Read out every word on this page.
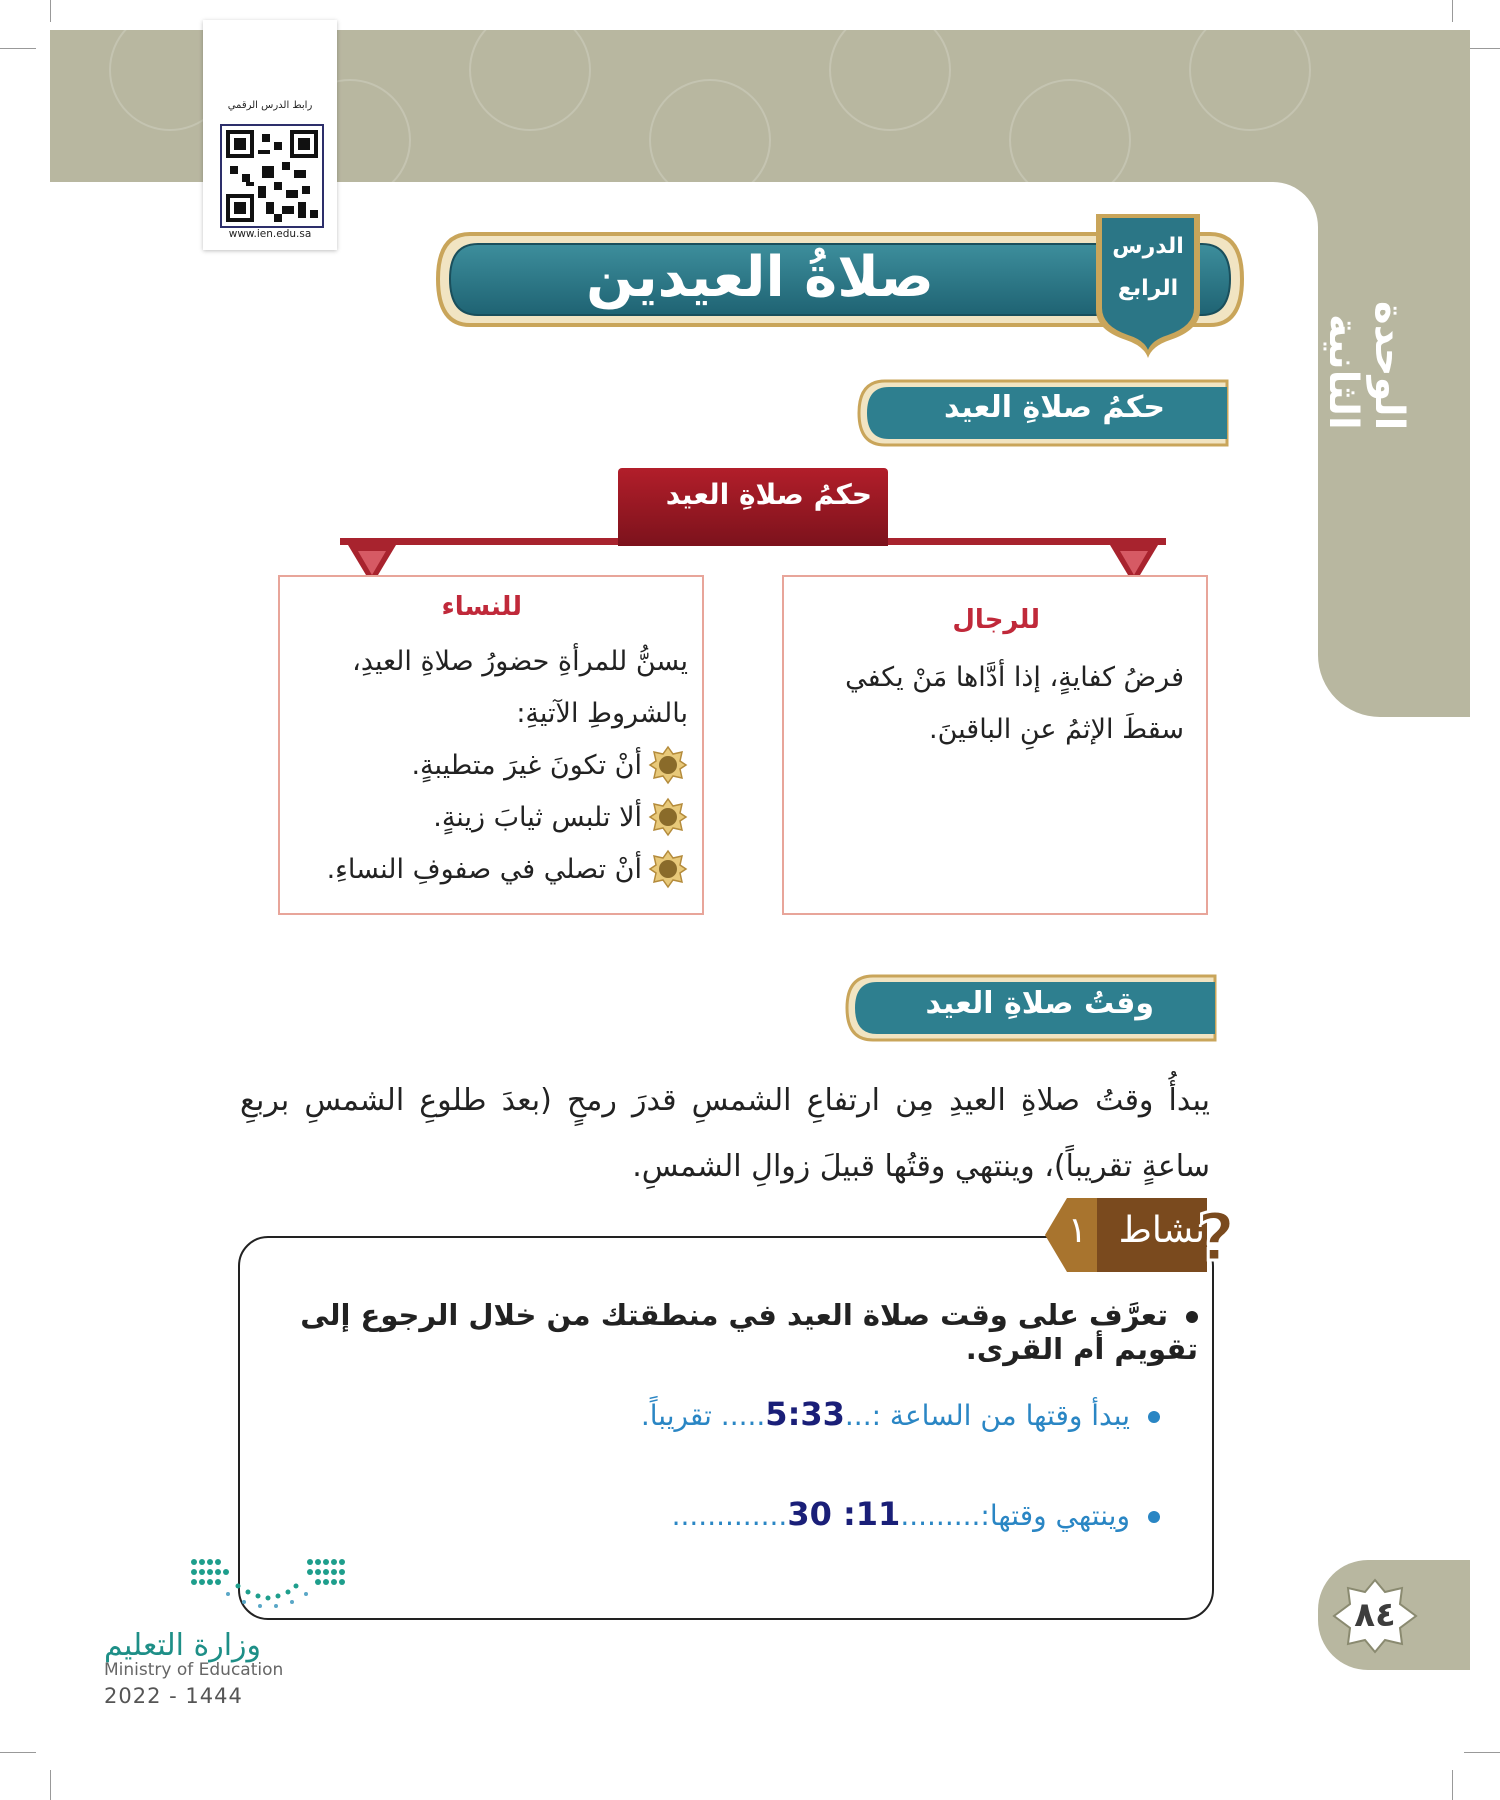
الوحدة الثانية
رابط الدرس الرقمي
www.ien.edu.sa
صلاةُ العيدين	الدرس
الرابع
حكمُ صلاةِ العيد
حكمُ صلاةِ العيد
للنساء
يسنُّ للمرأةِ حضورُ صلاةِ العيدِ، بالشروطِ الآتيةِ:
أنْ تكونَ غيرَ متطيبةٍ.
ألا تلبس ثيابَ زينةٍ.
أنْ تصلي في صفوفِ النساءِ.
للرجال
فرضُ كفايةٍ، إذا أدَّاها مَنْ يكفي سقطَ الإثمُ عنِ الباقينَ.
وقتُ صلاةِ العيد
يبدأُ وقتُ صلاةِ العيدِ مِن ارتفاعِ الشمسِ قدرَ رمحٍ (بعدَ طلوعِ الشمسِ بربعِ ساعةٍ تقريباً)، وينتهي وقتُها قبيلَ زوالِ الشمسِ.
?
نشاط ١
تعرَّف على وقت صلاة العيد في منطقتك من خلال الرجوع إلى تقويم أم القرى.
يبدأ وقتها من الساعة :...5:33..... تقريباً.
وينتهي وقتها:.........11: 30.............
٨٤
وزارة التعليم
Ministry of Education
2022 - 1444
